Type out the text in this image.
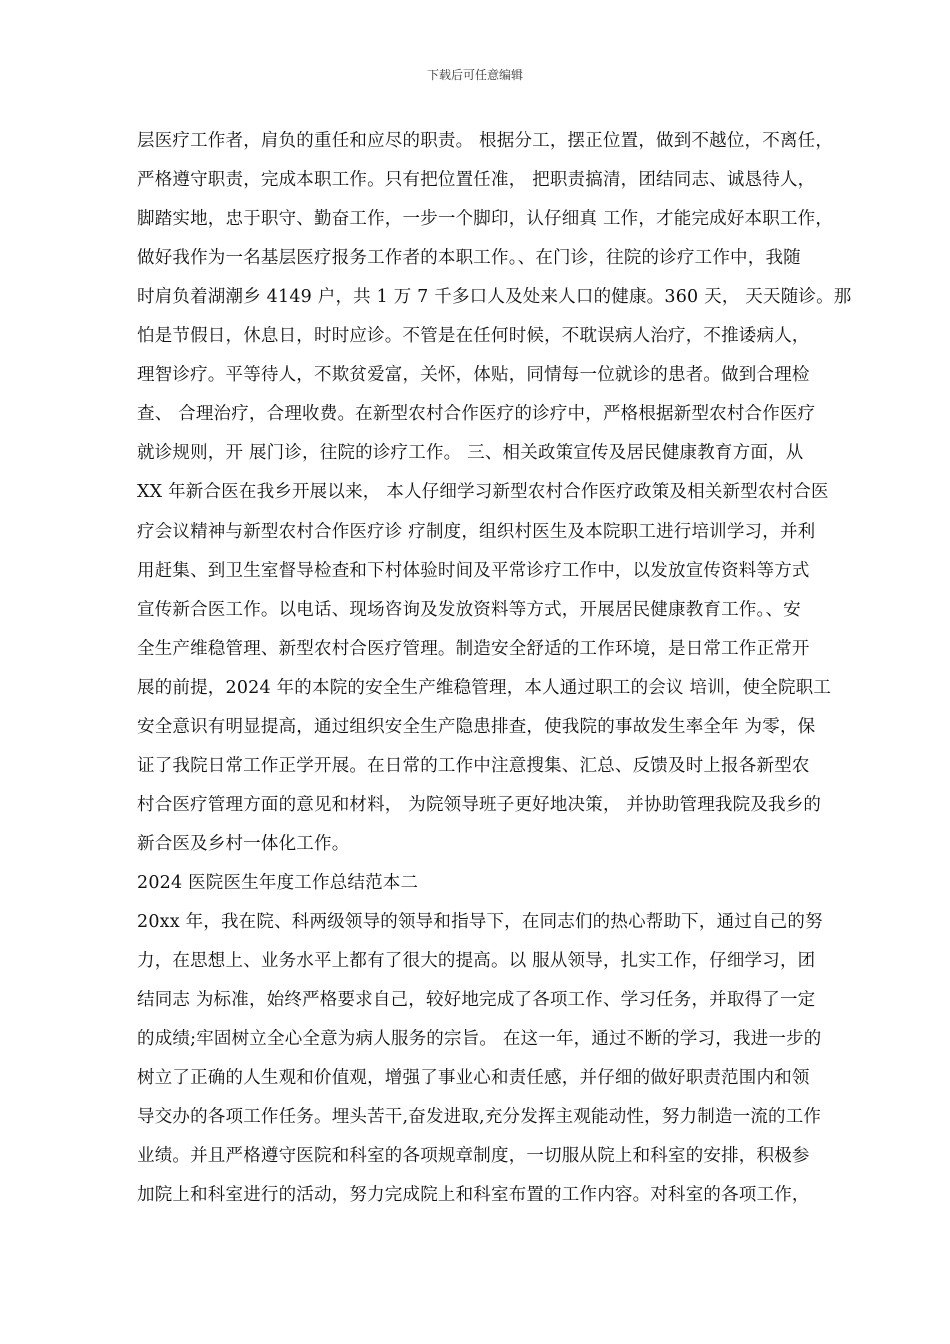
下载后可任意编辑
层医疗工作者，肩负的重任和应尽的职责。 根据分工，摆正位置，做到不越位，不离任，
严格遵守职责，完成本职工作。只有把位置任准， 把职责搞清，团结同志、诚恳待人，
脚踏实地，忠于职守、勤奋工作，一步一个脚印，认仔细真 工作，才能完成好本职工作，
做好我作为一名基层医疗报务工作者的本职工作。、在门诊，往院的诊疗工作中，我随
时肩负着湖潮乡 4149 户，共 1 万 7 千多口人及处来人口的健康。360 天， 天天随诊。那
怕是节假日，休息日，时时应诊。不管是在任何时候，不耽误病人治疗，不推诿病人，
理智诊疗。平等待人，不欺贫爱富，关怀，体贴，同情每一位就诊的患者。做到合理检
查、 合理治疗，合理收费。在新型农村合作医疗的诊疗中，严格根据新型农村合作医疗
就诊规则，开 展门诊，往院的诊疗工作。 三、相关政策宣传及居民健康教育方面，从
XX 年新合医在我乡开展以来， 本人仔细学习新型农村合作医疗政策及相关新型农村合医
疗会议精神与新型农村合作医疗诊 疗制度，组织村医生及本院职工进行培训学习，并利
用赶集、到卫生室督导检查和下村体验时间及平常诊疗工作中，以发放宣传资料等方式
宣传新合医工作。以电话、现场咨询及发放资料等方式，开展居民健康教育工作。、安
全生产维稳管理、新型农村合医疗管理。制造安全舒适的工作环境，是日常工作正常开
展的前提，2024 年的本院的安全生产维稳管理，本人通过职工的会议 培训，使全院职工
安全意识有明显提高，通过组织安全生产隐患排查，使我院的事故发生率全年 为零，保
证了我院日常工作正学开展。在日常的工作中注意搜集、汇总、反馈及时上报各新型农
村合医疗管理方面的意见和材料， 为院领导班子更好地决策， 并协助管理我院及我乡的
新合医及乡村一体化工作。
2024 医院医生年度工作总结范本二
20xx 年，我在院、科两级领导的领导和指导下，在同志们的热心帮助下，通过自己的努
力，在思想上、业务水平上都有了很大的提高。以 服从领导，扎实工作，仔细学习，团
结同志 为标准，始终严格要求自己，较好地完成了各项工作、学习任务，并取得了一定
的成绩;牢固树立全心全意为病人服务的宗旨。 在这一年，通过不断的学习，我进一步的
树立了正确的人生观和价值观，增强了事业心和责任感，并仔细的做好职责范围内和领
导交办的各项工作任务。埋头苦干,奋发进取,充分发挥主观能动性，努力制造一流的工作
业绩。并且严格遵守医院和科室的各项规章制度，一切服从院上和科室的安排，积极参
加院上和科室进行的活动，努力完成院上和科室布置的工作内容。对科室的各项工作，
